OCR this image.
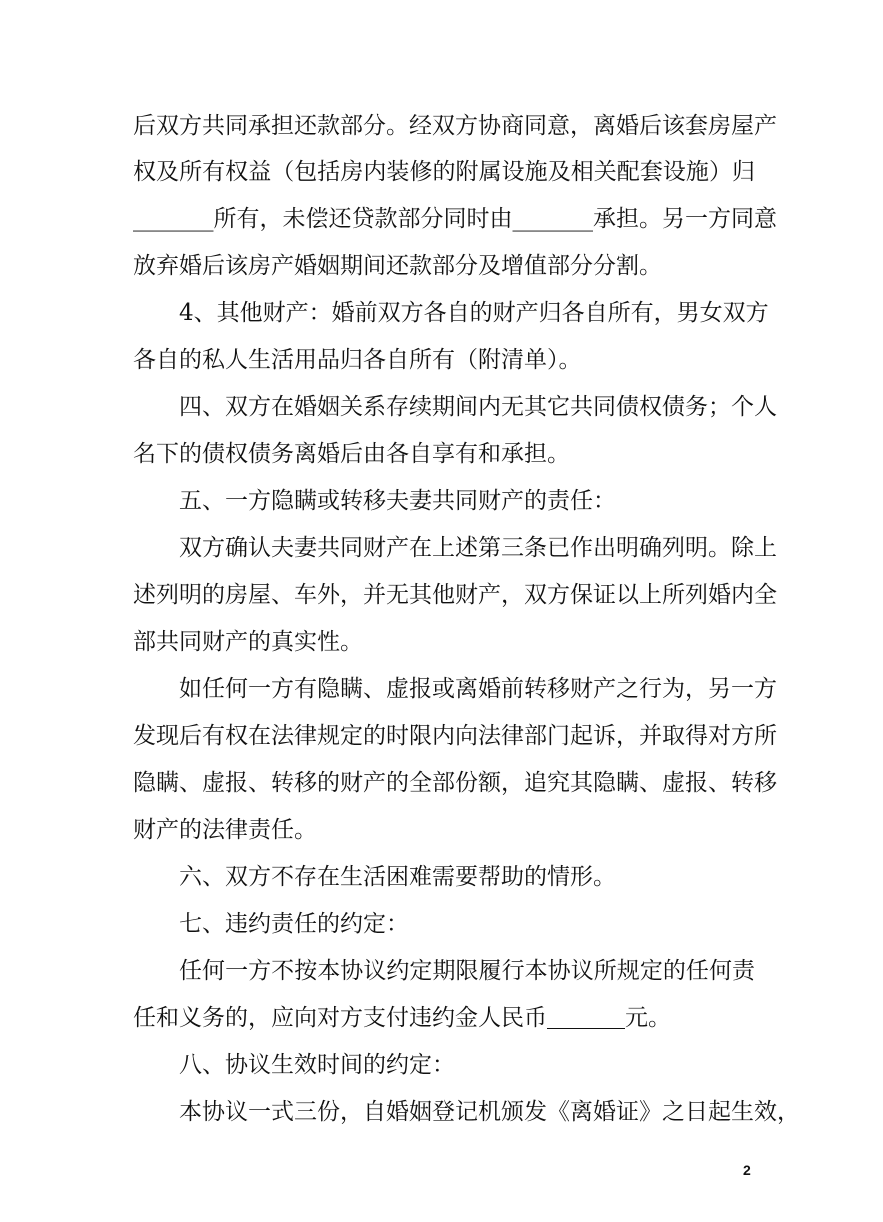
后双方共同承担还款部分。经双方协商同意，离婚后该套房屋产
权及所有权益（包括房内装修的附属设施及相关配套设施）归
_______所有，未偿还贷款部分同时由_______承担。另一方同意
放弃婚后该房产婚姻期间还款部分及增值部分分割。
4、其他财产：婚前双方各自的财产归各自所有，男女双方
各自的私人生活用品归各自所有（附清单）。
四、双方在婚姻关系存续期间内无其它共同债权债务；个人
名下的债权债务离婚后由各自享有和承担。
五、一方隐瞒或转移夫妻共同财产的责任：
双方确认夫妻共同财产在上述第三条已作出明确列明。除上
述列明的房屋、车外，并无其他财产，双方保证以上所列婚内全
部共同财产的真实性。
如任何一方有隐瞒、虚报或离婚前转移财产之行为，另一方
发现后有权在法律规定的时限内向法律部门起诉，并取得对方所
隐瞒、虚报、转移的财产的全部份额，追究其隐瞒、虚报、转移
财产的法律责任。
六、双方不存在生活困难需要帮助的情形。
七、违约责任的约定：
任何一方不按本协议约定期限履行本协议所规定的任何责
任和义务的，应向对方支付违约金人民币	元。
八、协议生效时间的约定：
本协议一式三份，自婚姻登记机颁发《离婚证》之日起生效，
2
